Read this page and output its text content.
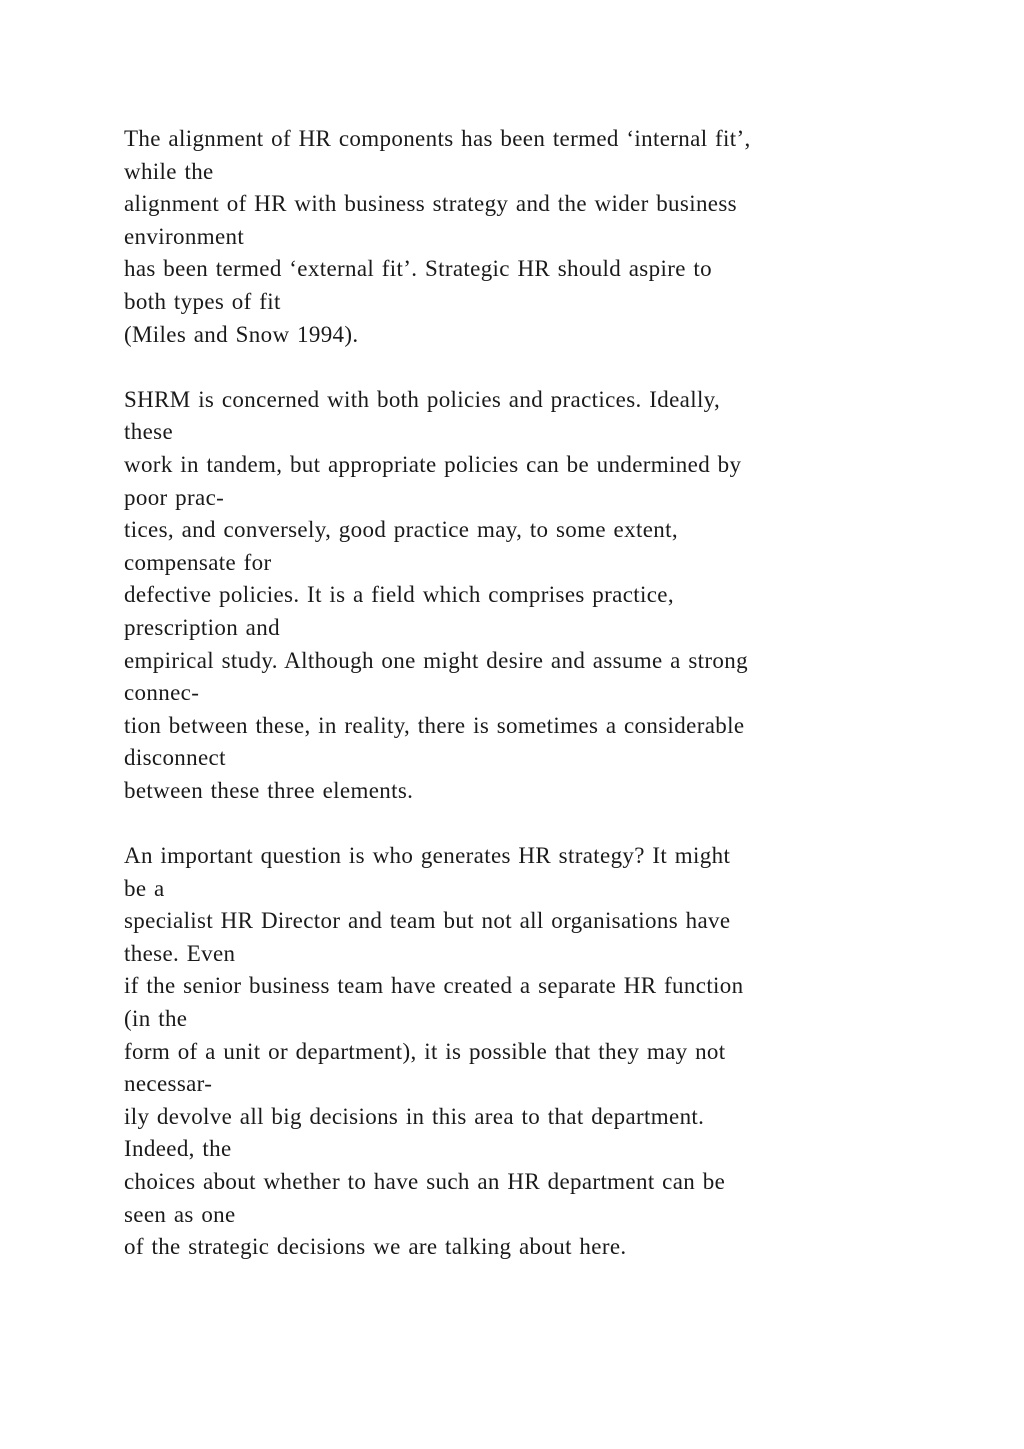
The alignment of HR components has been termed ‘internal fit’,
while the
alignment of HR with business strategy and the wider business
environment
has been termed ‘external fit’. Strategic HR should aspire to
both types of fit
(Miles and Snow 1994).
SHRM is concerned with both policies and practices. Ideally,
these
work in tandem, but appropriate policies can be undermined by
poor prac-
tices, and conversely, good practice may, to some extent,
compensate for
defective policies. It is a field which comprises practice,
prescription and
empirical study. Although one might desire and assume a strong
connec-
tion between these, in reality, there is sometimes a considerable
disconnect
between these three elements.
An important question is who generates HR strategy? It might
be a
specialist HR Director and team but not all organisations have
these. Even
if the senior business team have created a separate HR function
(in the
form of a unit or department), it is possible that they may not
necessar-
ily devolve all big decisions in this area to that department.
Indeed, the
choices about whether to have such an HR department can be
seen as one
of the strategic decisions we are talking about here.
